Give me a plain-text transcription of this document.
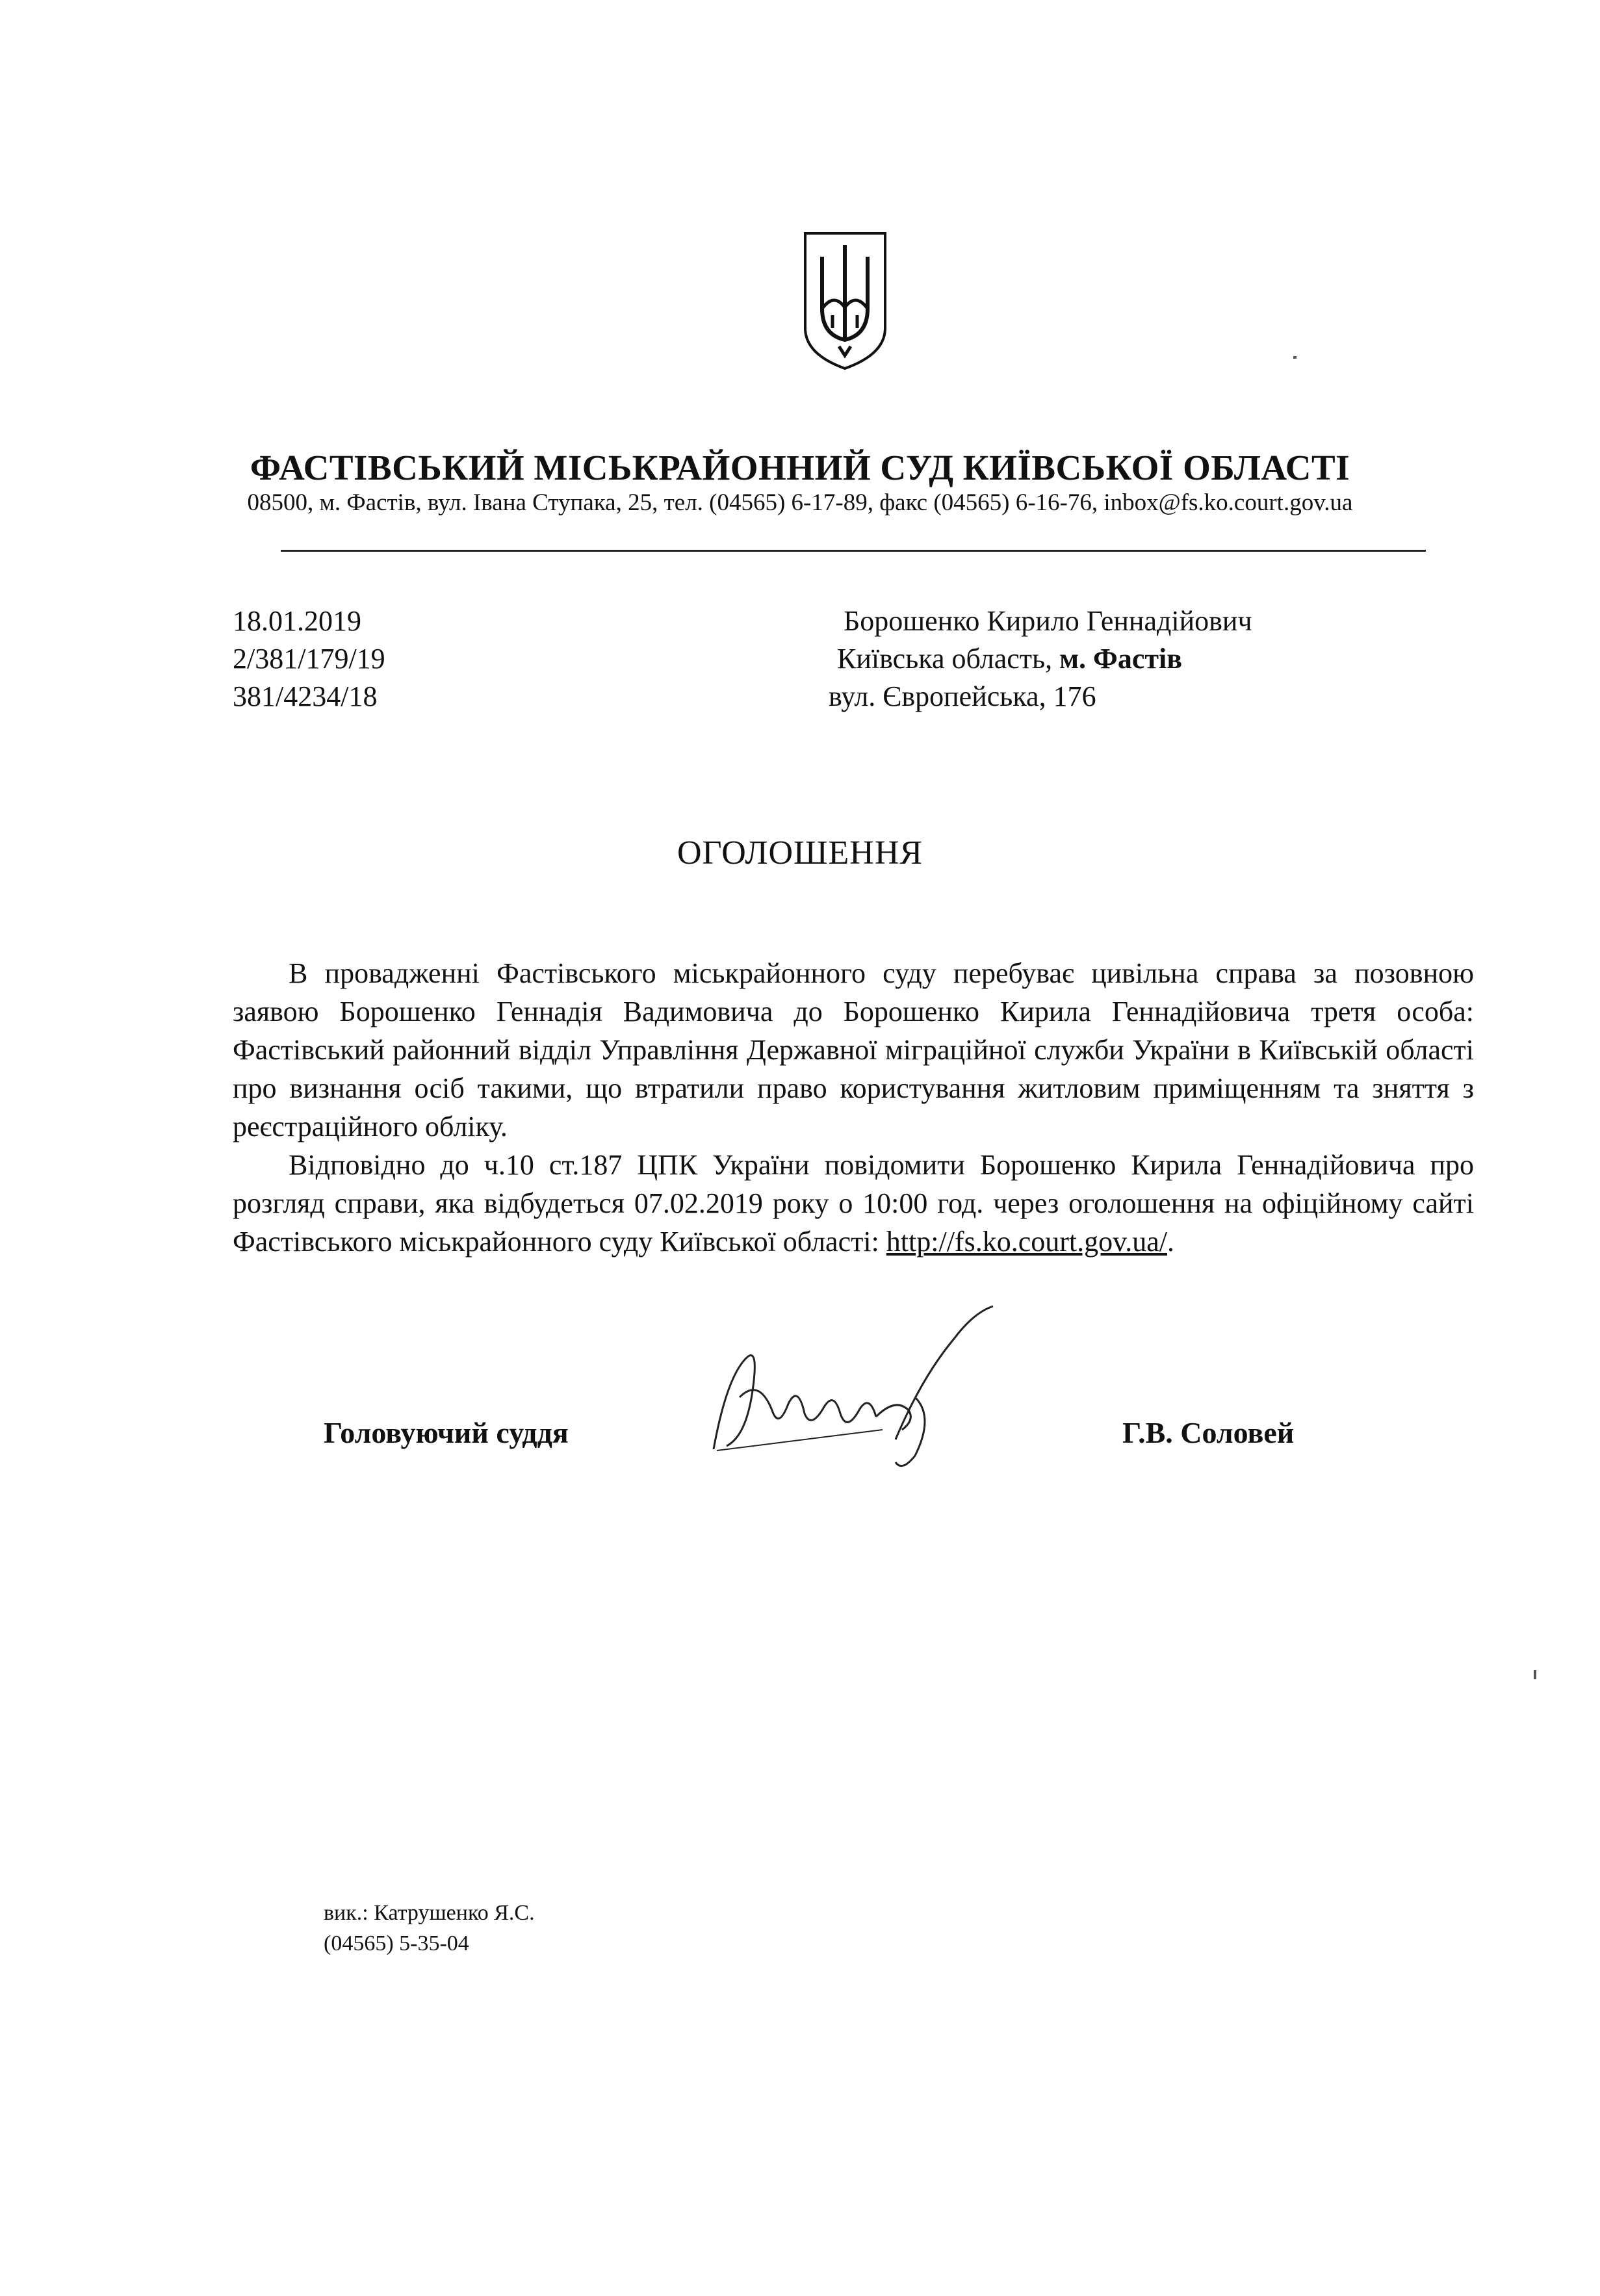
ФАСТІВСЬКИЙ МІСЬКРАЙОННИЙ СУД КИЇВСЬКОЇ ОБЛАСТІ
08500, м. Фастів, вул. Івана Ступака, 25, тел. (04565) 6-17-89, факс (04565) 6-16-76, inbox@fs.ko.court.gov.ua
18.01.2019
2/381/179/19
381/4234/18
Борошенко Кирило Геннадійович
Київська область, м. Фастів
вул. Європейська, 176
ОГОЛОШЕННЯ

В провадженні Фастівського міськрайонного суду перебуває цивільна справа за позовною заявою Борошенко Геннадія Вадимовича до Борошенко Кирила Геннадійовича третя особа: Фастівський районний відділ Управління Державної міграційної служби України в Київській області про визнання осіб такими, що втратили право користування житловим приміщенням та зняття з реєстраційного обліку.

Відповідно до ч.10 ст.187 ЦПК України повідомити Борошенко Кирила Геннадійовича про розгляд справи, яка відбудеться 07.02.2019 року о 10:00 год. через оголошення на офіційному сайті Фастівського міськрайонного суду Київської області: http://fs.ko.court.gov.ua/.

Головуючий суддя	Г.В. Соловей
вик.: Катрушенко Я.С.
(04565) 5-35-04
